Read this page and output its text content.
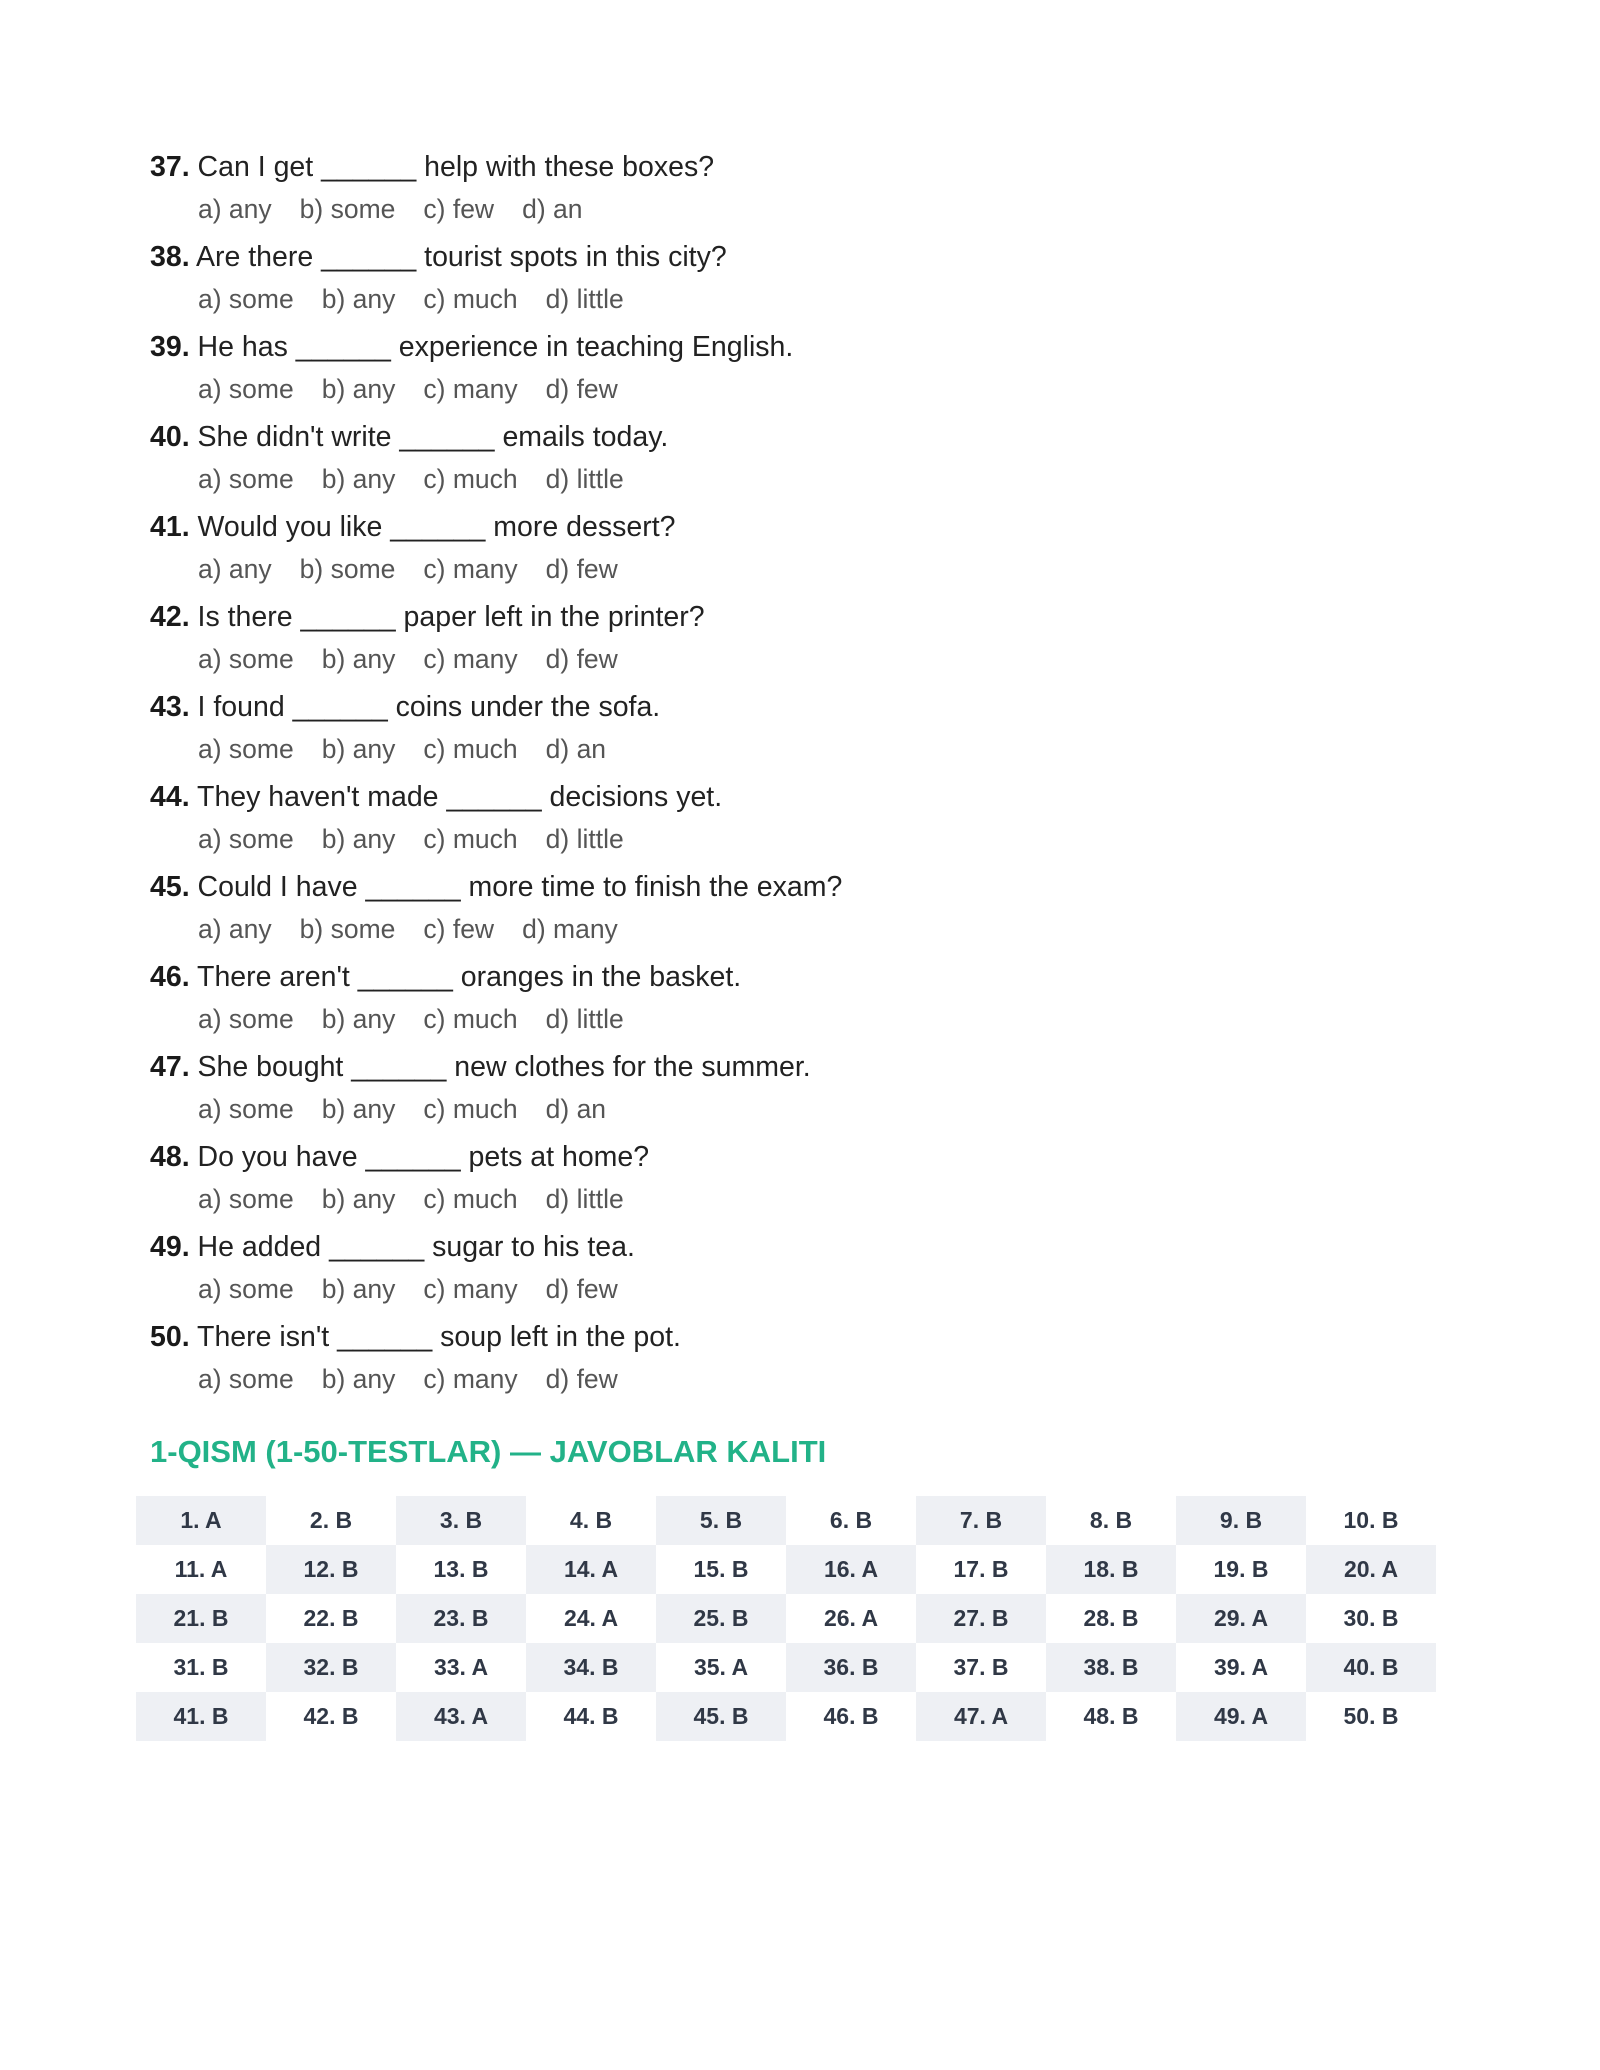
37. Can I get ______ help with these boxes?
a) any b) some c) few d) an
38. Are there ______ tourist spots in this city?
a) some b) any c) much d) little
39. He has ______ experience in teaching English.
a) some b) any c) many d) few
40. She didn't write ______ emails today.
a) some b) any c) much d) little
41. Would you like ______ more dessert?
a) any b) some c) many d) few
42. Is there ______ paper left in the printer?
a) some b) any c) many d) few
43. I found ______ coins under the sofa.
a) some b) any c) much d) an
44. They haven't made ______ decisions yet.
a) some b) any c) much d) little
45. Could I have ______ more time to finish the exam?
a) any b) some c) few d) many
46. There aren't ______ oranges in the basket.
a) some b) any c) much d) little
47. She bought ______ new clothes for the summer.
a) some b) any c) much d) an
48. Do you have ______ pets at home?
a) some b) any c) much d) little
49. He added ______ sugar to his tea.
a) some b) any c) many d) few
50. There isn't ______ soup left in the pot.
a) some b) any c) many d) few
1-QISM (1-50-TESTLAR) — JAVOBLAR KALITI
1. A	2. B	3. B	4. B	5. B	6. B	7. B	8. B	9. B	10. B
11. A	12. B	13. B	14. A	15. B	16. A	17. B	18. B	19. B	20. A
21. B	22. B	23. B	24. A	25. B	26. A	27. B	28. B	29. A	30. B
31. B	32. B	33. A	34. B	35. A	36. B	37. B	38. B	39. A	40. B
41. B	42. B	43. A	44. B	45. B	46. B	47. A	48. B	49. A	50. B
